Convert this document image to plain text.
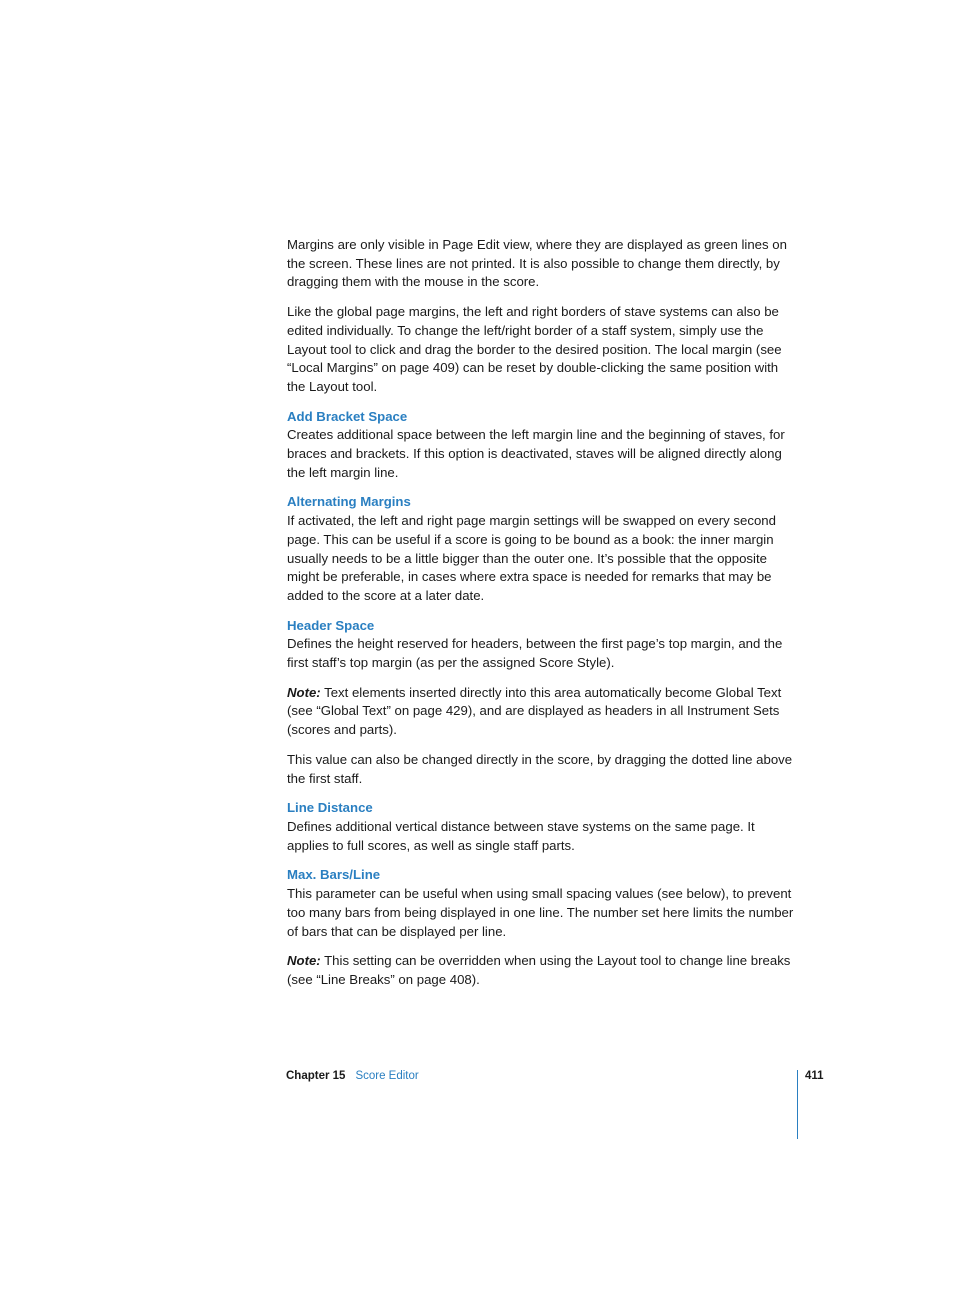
Margins are only visible in Page Edit view, where they are displayed as green lines on the screen. These lines are not printed. It is also possible to change them directly, by dragging them with the mouse in the score.

Like the global page margins, the left and right borders of stave systems can also be edited individually. To change the left/right border of a staff system, simply use the Layout tool to click and drag the border to the desired position. The local margin (see “Local Margins” on page 409) can be reset by double-clicking the same position with the Layout tool.

Add Bracket Space

Creates additional space between the left margin line and the beginning of staves, for braces and brackets. If this option is deactivated, staves will be aligned directly along the left margin line.

Alternating Margins

If activated, the left and right page margin settings will be swapped on every second page. This can be useful if a score is going to be bound as a book: the inner margin usually needs to be a little bigger than the outer one. It’s possible that the opposite might be preferable, in cases where extra space is needed for remarks that may be added to the score at a later date.

Header Space

Defines the height reserved for headers, between the first page’s top margin, and the first staff’s top margin (as per the assigned Score Style).

Note: Text elements inserted directly into this area automatically become Global Text (see “Global Text” on page 429), and are displayed as headers in all Instrument Sets (scores and parts).

This value can also be changed directly in the score, by dragging the dotted line above the first staff.

Line Distance

Defines additional vertical distance between stave systems on the same page. It applies to full scores, as well as single staff parts.

Max. Bars/Line

This parameter can be useful when using small spacing values (see below), to prevent too many bars from being displayed in one line. The number set here limits the number of bars that can be displayed per line.

Note: This setting can be overridden when using the Layout tool to change line breaks (see “Line Breaks” on page 408).

Chapter 15 Score Editor	411
